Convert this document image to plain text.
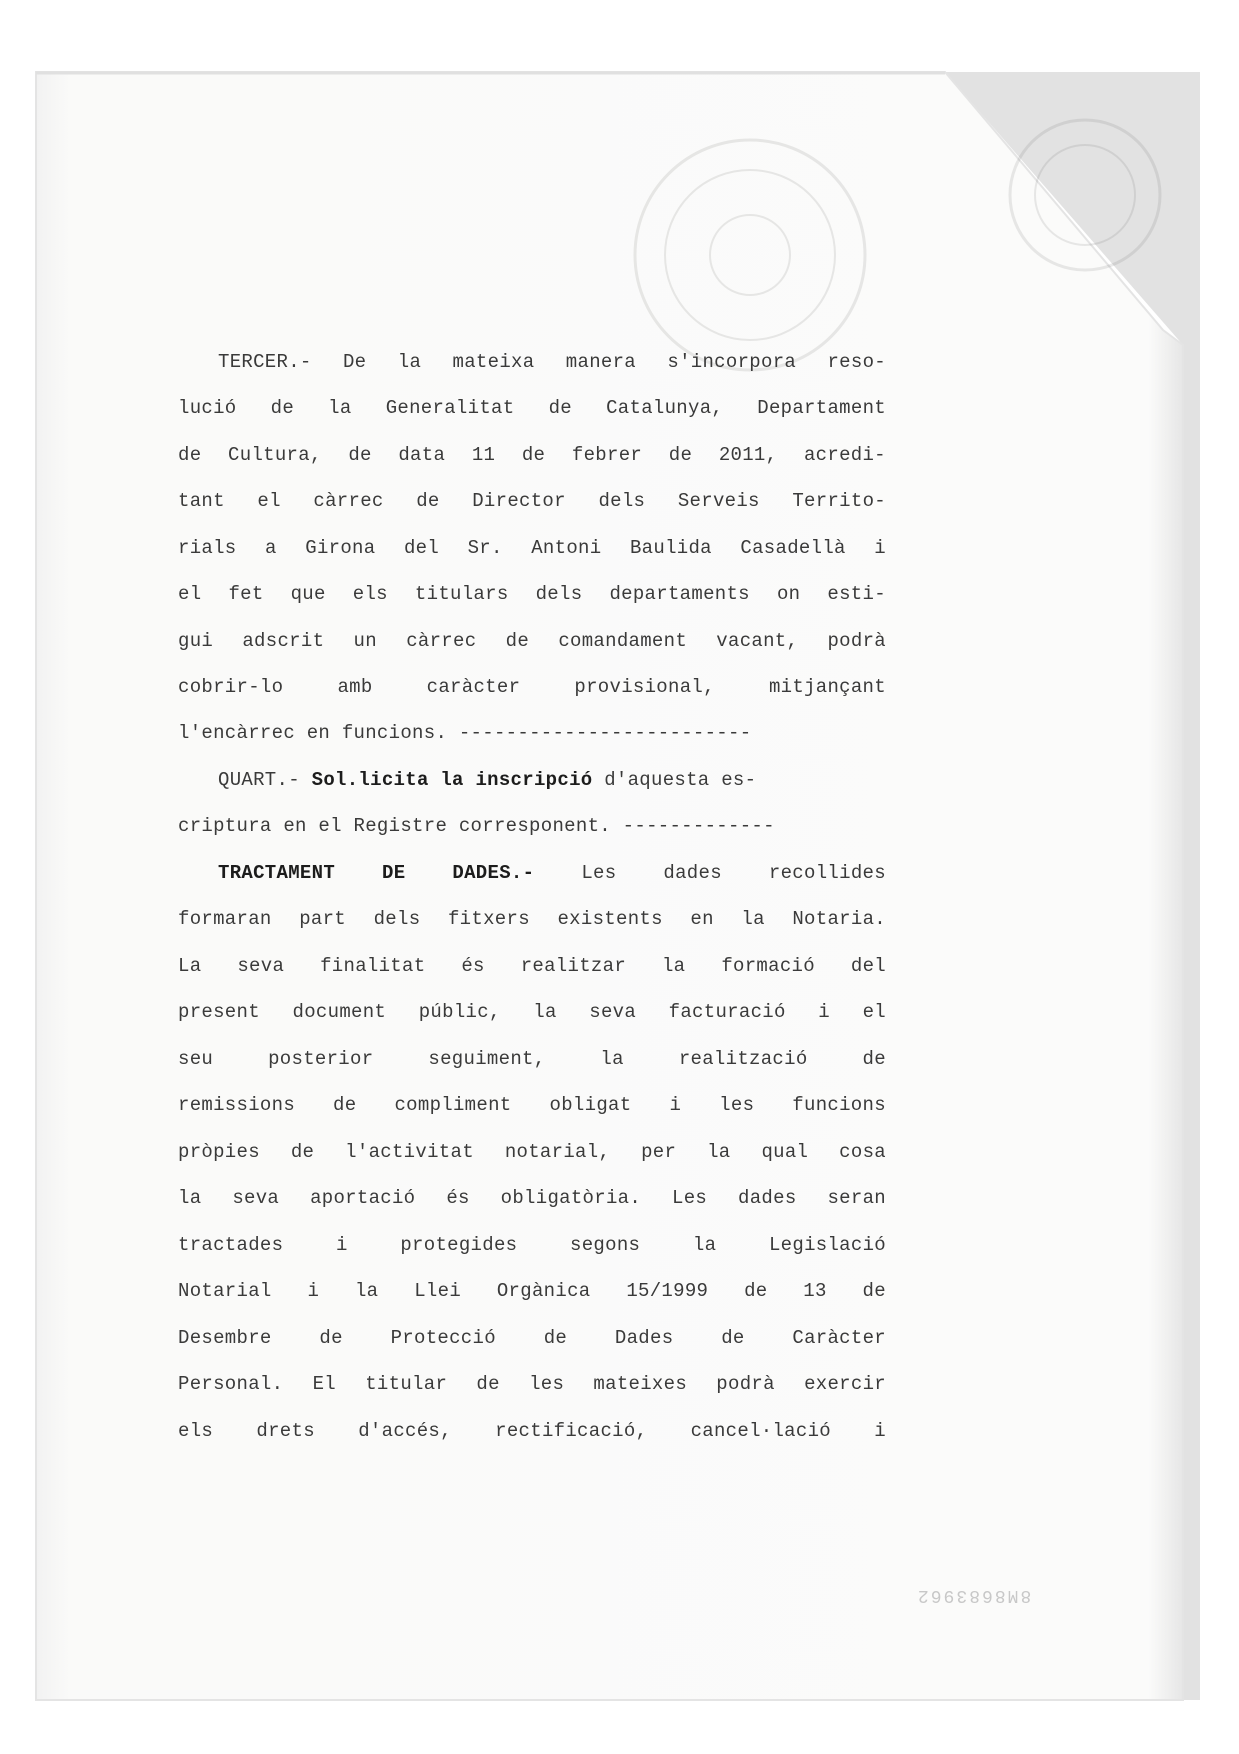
TERCER.- De la mateixa manera s'incorpora reso-
lució de la Generalitat de Catalunya, Departament
de Cultura, de data 11 de febrer de 2011, acredi-
tant el càrrec de Director dels Serveis Territo-
rials a Girona del Sr. Antoni Baulida Casadellà i
el fet que els titulars dels departaments on esti-
gui adscrit un càrrec de comandament vacant, podrà
cobrir-lo	amb	caràcter	provisional,	mitjançant
l'encàrrec en funcions.
-------------------------
QUART.-
Sol.licita la inscripció
d'aquesta es-
criptura en el Registre corresponent.
-------------
TRACTAMENT DE DADES.- Les dades recollides
formaran part dels fitxers existents en la Notaria.
La seva finalitat és realitzar la formació del
present document públic, la seva facturació i el
seu	posterior	seguiment,	la	realització	de
remissions de compliment obligat i les funcions
pròpies de l'activitat notarial, per la qual cosa
la seva aportació és obligatòria. Les dades seran
tractades	i	protegides	segons	la	Legislació
Notarial i la Llei Orgànica 15/1999 de 13 de
Desembre	de	Protecció	de	Dades	de	Caràcter
Personal. El titular de les mateixes podrà exercir
els drets d'accés, rectificació, cancel·lació i
8M8683962
